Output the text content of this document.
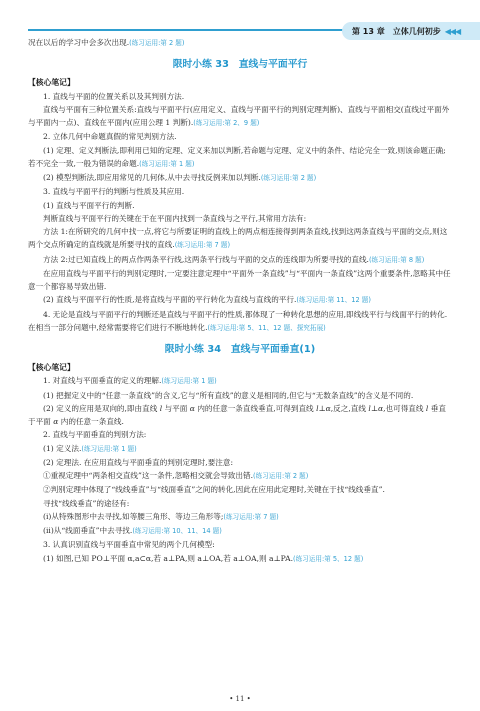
第 13 章 立体几何初步 ◀◀◀

况在以后的学习中会多次出现.(练习运用:第 2 题)

限时小练 33　直线与平面平行

【核心笔记】

1. 直线与平面的位置关系以及其判别方法.

直线与平面有三种位置关系:直线与平面平行(应用定义、直线与平面平行的判别定理判断)、直线与平面相交(直线过平面外与平面内一点)、直线在平面内(应用公理 1 判断).(练习运用:第 2、9 题)

2. 立体几何中命题真假的常见判别方法.

(1) 定理、定义判断法,即利用已知的定理、定义来加以判断,若命题与定理、定义中的条件、结论完全一致,则该命题正确;若不完全一致,一般为错误的命题.(练习运用:第 1 题)

(2) 模型判断法,即应用常见的几何体,从中去寻找反例来加以判断.(练习运用:第 2 题)

3. 直线与平面平行的判断与性质及其应用.

(1) 直线与平面平行的判断.

判断直线与平面平行的关键在于在平面内找到一条直线与之平行,其常用方法有:

方法 1:在所研究的几何中找一点,将它与所要证明的直线上的两点相连接得到两条直线,找到这两条直线与平面的交点,则这两个交点所确定的直线就是所要寻找的直线.(练习运用:第 7 题)

方法 2:过已知直线上的两点作两条平行线,这两条平行线与平面的交点的连线即为所要寻找的直线.(练习运用:第 8 题)

在应用直线与平面平行的判别定理时,一定要注意定理中“平面外一条直线”与“平面内一条直线”这两个重要条件,忽略其中任意一个都容易导致出错.

(2) 直线与平面平行的性质,是将直线与平面的平行转化为直线与直线的平行.(练习运用:第 11、12 题)

4. 无论是直线与平面平行的判断还是直线与平面平行的性质,都体现了一种转化思想的应用,即线线平行与线面平行的转化. 在相当一部分问题中,经常需要将它们进行不断地转化.(练习运用:第 5、11、12 题、探究拓展)

限时小练 34　直线与平面垂直(1)

【核心笔记】

1. 对直线与平面垂直的定义的理解.(练习运用:第 1 题)

(1) 把握定义中的“任意一条直线”的含义,它与“所有直线”的意义是相同的,但它与“无数条直线”的含义是不同的.

(2) 定义的应用是双向的,即由直线 l 与平面 α 内的任意一条直线垂直,可得到直线 l⊥α,反之,直线 l⊥α,也可得直线 l 垂直于平面 α 内的任意一条直线.

2. 直线与平面垂直的判别方法:

(1) 定义法.(练习运用:第 1 题)

(2) 定理法. 在应用直线与平面垂直的判别定理时,要注意:

①重视定理中“两条相交直线”这一条件,忽略相交就会导致出错.(练习运用:第 2 题)

②判别定理中体现了“线线垂直”与“线面垂直”之间的转化,因此在应用此定理时,关键在于找“线线垂直”.

寻找“线线垂直”的途径有:

(i)从特殊图形中去寻找,如等腰三角形、等边三角形等;(练习运用:第 7 题)

(ii)从“线面垂直”中去寻找.(练习运用:第 10、11、14 题)

3. 认真识别直线与平面垂直中常见的两个几何模型:

(1) 如图,已知 PO⊥平面 α,a⊂α,若 a⊥PA,则 a⊥OA,若 a⊥OA,则 a⊥PA.(练习运用:第 5、12 题)

• 11 •
